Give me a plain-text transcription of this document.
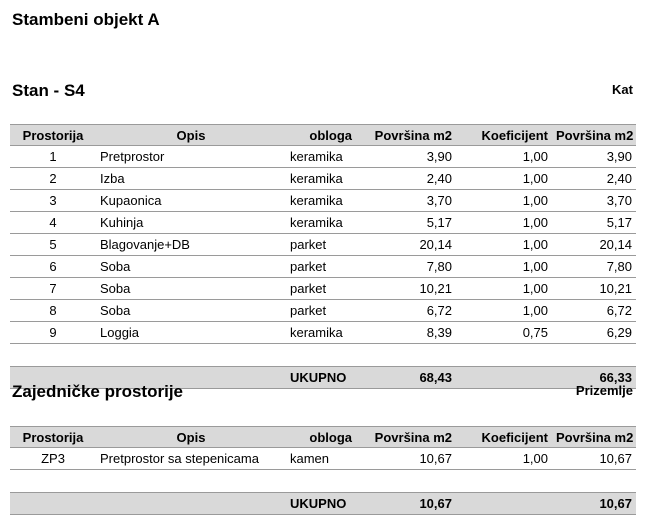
Stambeni objekt A
Stan - S4	Kat
Prostorija	Opis	obloga	Površina m2	Koeficijent	Površina m2
1	Pretprostor	keramika	3,90	1,00	3,90
2	Izba	keramika	2,40	1,00	2,40
3	Kupaonica	keramika	3,70	1,00	3,70
4	Kuhinja	keramika	5,17	1,00	5,17
5	Blagovanje+DB	parket	20,14	1,00	20,14
6	Soba	parket	7,80	1,00	7,80
7	Soba	parket	10,21	1,00	10,21
8	Soba	parket	6,72	1,00	6,72
9	Loggia	keramika	8,39	0,75	6,29

		UKUPNO	68,43		66,33
Zajedničke prostorije	Prizemlje
Prostorija	Opis	obloga	Površina m2	Koeficijent	Površina m2
ZP3	Pretprostor sa stepenicama	kamen	10,67	1,00	10,67

		UKUPNO	10,67		10,67
